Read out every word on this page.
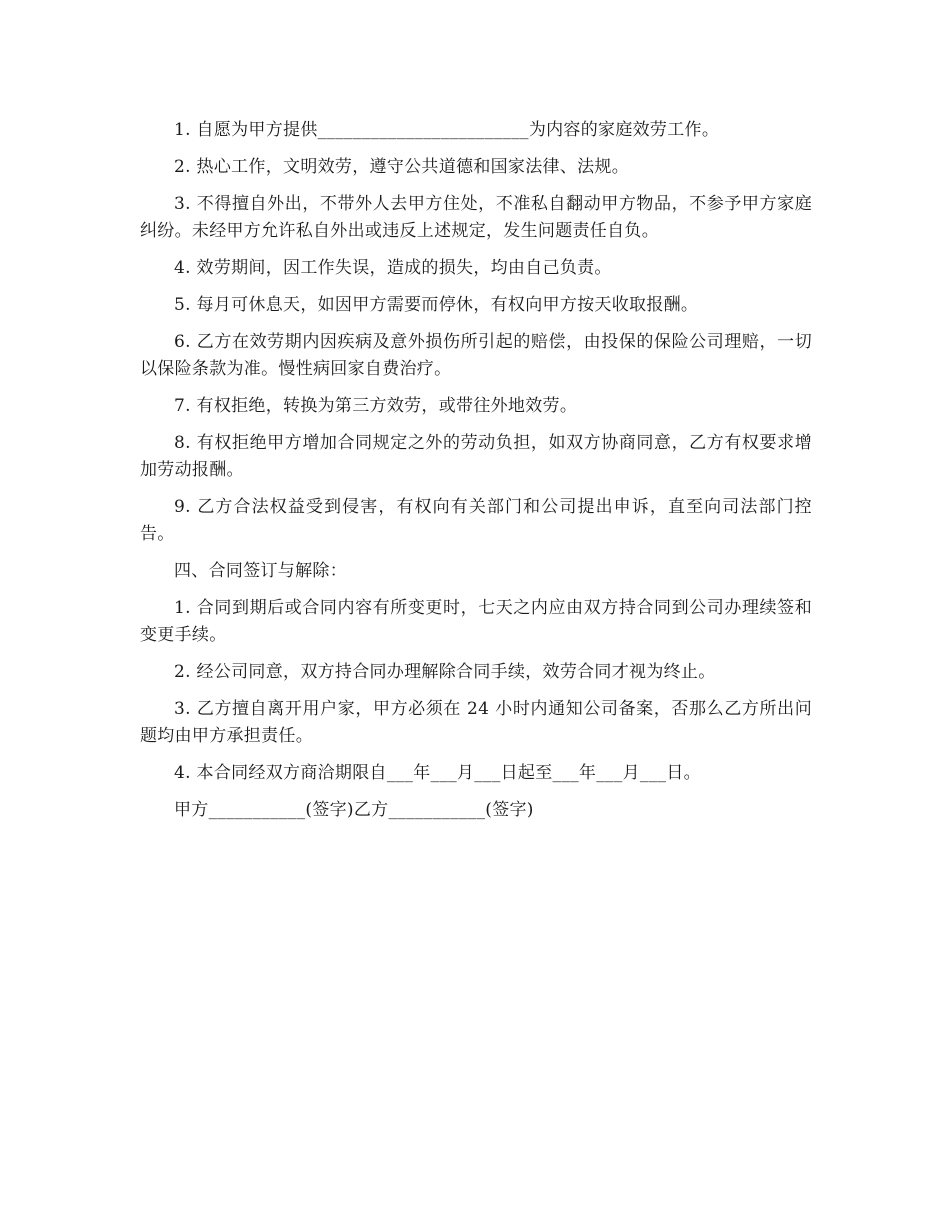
1. 自愿为甲方提供________________________为内容的家庭效劳工作。

2. 热心工作，文明效劳，遵守公共道德和国家法律、法规。

3. 不得擅自外出，不带外人去甲方住处，不准私自翻动甲方物品，不参予甲方家庭纠纷。未经甲方允许私自外出或违反上述规定，发生问题责任自负。

4. 效劳期间，因工作失误，造成的损失，均由自己负责。

5. 每月可休息天，如因甲方需要而停休，有权向甲方按天收取报酬。

6. 乙方在效劳期内因疾病及意外损伤所引起的赔偿，由投保的保险公司理赔，一切以保险条款为准。慢性病回家自费治疗。

7. 有权拒绝，转换为第三方效劳，或带往外地效劳。

8. 有权拒绝甲方增加合同规定之外的劳动负担，如双方协商同意，乙方有权要求增加劳动报酬。

9. 乙方合法权益受到侵害，有权向有关部门和公司提出申诉，直至向司法部门控告。

四、合同签订与解除：

1. 合同到期后或合同内容有所变更时，七天之内应由双方持合同到公司办理续签和变更手续。

2. 经公司同意，双方持合同办理解除合同手续，效劳合同才视为终止。

3. 乙方擅自离开用户家，甲方必须在 24 小时内通知公司备案，否那么乙方所出问题均由甲方承担责任。

4. 本合同经双方商洽期限自___年___月___日起至___年___月___日。

甲方___________(签字)乙方___________(签字)
